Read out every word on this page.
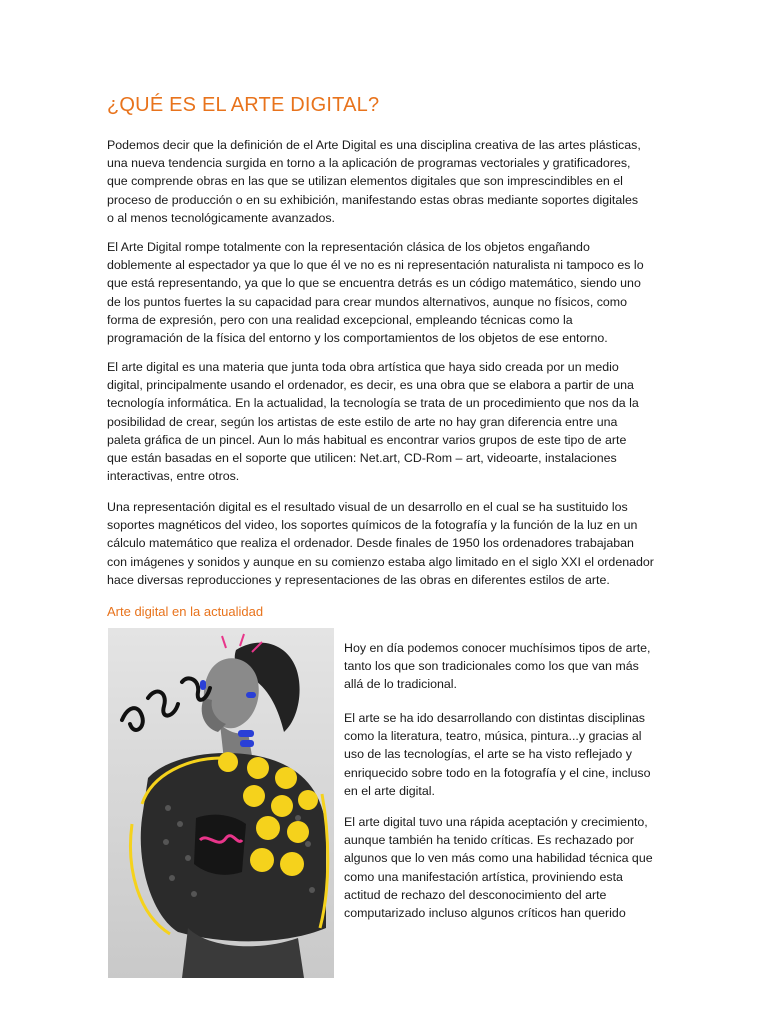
¿QUÉ ES EL ARTE DIGITAL?

Podemos decir que la definición de el Arte Digital es una disciplina creativa de las artes plásticas,
una nueva tendencia surgida en torno a la aplicación de programas vectoriales y gratificadores,
que comprende obras en las que se utilizan elementos digitales que son imprescindibles en el
proceso de producción o en su exhibición, manifestando estas obras mediante soportes digitales
o al menos tecnológicamente avanzados.

El Arte Digital rompe totalmente con la representación clásica de los objetos engañando
doblemente al espectador ya que lo que él ve no es ni representación naturalista ni tampoco es lo
que está representando, ya que lo que se encuentra detrás es un código matemático, siendo uno
de los puntos fuertes la su capacidad para crear mundos alternativos, aunque no físicos, como
forma de expresión, pero con una realidad excepcional, empleando técnicas como la
programación de la física del entorno y los comportamientos de los objetos de ese entorno.

El arte digital es una materia que junta toda obra artística que haya sido creada por un medio
digital, principalmente usando el ordenador, es decir, es una obra que se elabora a partir de una
tecnología informática. En la actualidad, la tecnología se trata de un procedimiento que nos da la
posibilidad de crear, según los artistas de este estilo de arte no hay gran diferencia entre una
paleta gráfica de un pincel. Aun lo más habitual es encontrar varios grupos de este tipo de arte
que están basadas en el soporte que utilicen: Net.art, CD-Rom – art, videoarte, instalaciones
interactivas, entre otros.

Una representación digital es el resultado visual de un desarrollo en el cual se ha sustituido los
soportes magnéticos del video, los soportes químicos de la fotografía y la función de la luz en un
cálculo matemático que realiza el ordenador. Desde finales de 1950 los ordenadores trabajaban
con imágenes y sonidos y aunque en su comienzo estaba algo limitado en el siglo XXI el ordenador
hace diversas reproducciones y representaciones de las obras en diferentes estilos de arte.

Arte digital en la actualidad

Hoy en día podemos conocer muchísimos tipos de arte,
tanto los que son tradicionales como los que van más
allá de lo tradicional.

El arte se ha ido desarrollando con distintas disciplinas
como la literatura, teatro, música, pintura...y gracias al
uso de las tecnologías, el arte se ha visto reflejado y
enriquecido sobre todo en la fotografía y el cine, incluso
en el arte digital.

El arte digital tuvo una rápida aceptación y crecimiento,
aunque también ha tenido críticas. Es rechazado por
algunos que lo ven más como una habilidad técnica que
como una manifestación artística, proviniendo esta
actitud de rechazo del desconocimiento del arte
computarizado incluso algunos críticos han querido
